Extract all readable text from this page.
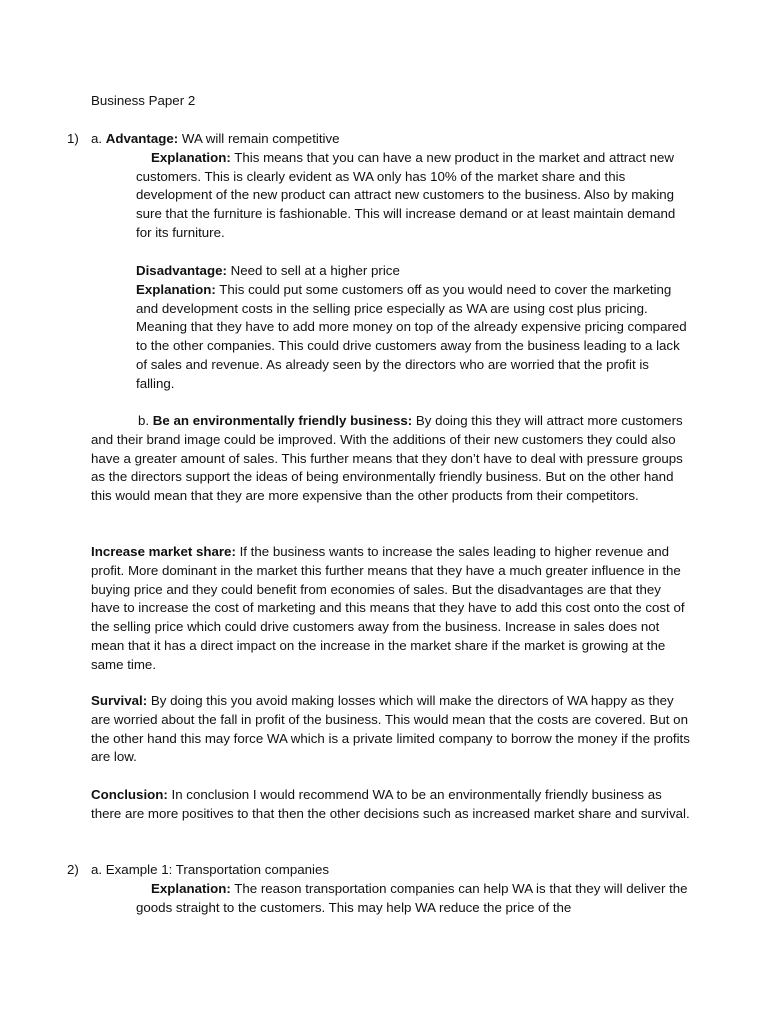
Business Paper 2

1) a. Advantage: WA will remain competitive

Explanation: This means that you can have a new product in the market and attract new customers. This is clearly evident as WA only has 10% of the market share and this development of the new product can attract new customers to the business. Also by making sure that the furniture is fashionable. This will increase demand or at least maintain demand for its furniture.

Disadvantage: Need to sell at a higher price

Explanation: This could put some customers off as you would need to cover the marketing and development costs in the selling price especially as WA are using cost plus pricing. Meaning that they have to add more money on top of the already expensive pricing compared to the other companies. This could drive customers away from the business leading to a lack of sales and revenue. As already seen by the directors who are worried that the profit is falling.

b. Be an environmentally friendly business: By doing this they will attract more customers and their brand image could be improved. With the additions of their new customers they could also have a greater amount of sales. This further means that they don’t have to deal with pressure groups as the directors support the ideas of being environmentally friendly business. But on the other hand this would mean that they are more expensive than the other products from their competitors.

Increase market share: If the business wants to increase the sales leading to higher revenue and profit. More dominant in the market this further means that they have a much greater influence in the buying price and they could benefit from economies of sales. But the disadvantages are that they have to increase the cost of marketing and this means that they have to add this cost onto the cost of the selling price which could drive customers away from the business. Increase in sales does not mean that it has a direct impact on the increase in the market share if the market is growing at the same time.

Survival: By doing this you avoid making losses which will make the directors of WA happy as they are worried about the fall in profit of the business. This would mean that the costs are covered. But on the other hand this may force WA which is a private limited company to borrow the money if the profits are low.

Conclusion: In conclusion I would recommend WA to be an environmentally friendly business as there are more positives to that then the other decisions such as increased market share and survival.

2) a. Example 1: Transportation companies

Explanation: The reason transportation companies can help WA is that they will deliver the goods straight to the customers. This may help WA reduce the price of the
